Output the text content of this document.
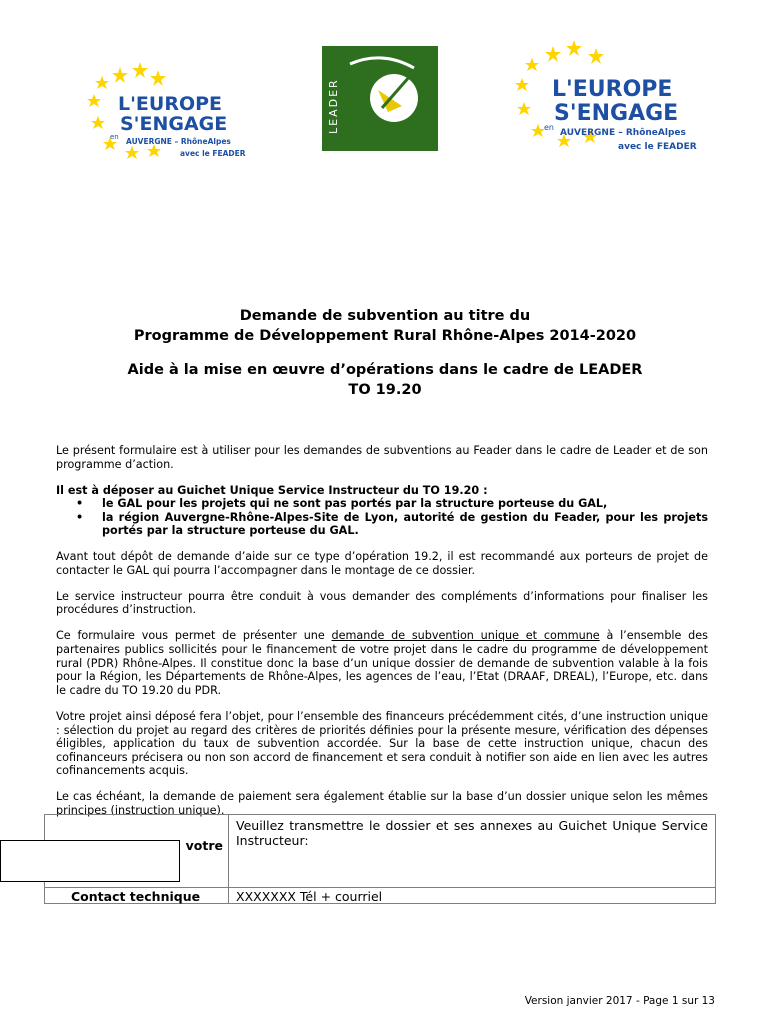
L'EUROPE
S'ENGAGE
en AUVERGNE – RhôneAlpes
avec le FEADER
LEADER	L'EUROPE
S'ENGAGE
en
AUVERGNE – RhôneAlpes
avec le FEADER
Demande de subvention au titre du
Programme de Développement Rural Rhône-Alpes 2014-2020
Aide à la mise en œuvre d’opérations dans le cadre de LEADER
TO 19.20

Le présent formulaire est à utiliser pour les demandes de subventions au Feader dans le cadre de Leader et de son programme d’action.

Il est à déposer au Guichet Unique Service Instructeur du TO 19.20 :

• le GAL pour les projets qui ne sont pas portés par la structure porteuse du GAL,
• la région Auvergne-Rhône-Alpes-Site de Lyon, autorité de gestion du Feader, pour les projets portés par la structure porteuse du GAL.

Avant tout dépôt de demande d’aide sur ce type d’opération 19.2, il est recommandé aux porteurs de projet de contacter le GAL qui pourra l’accompagner dans le montage de ce dossier.

Le service instructeur pourra être conduit à vous demander des compléments d’informations pour finaliser les procédures d’instruction.

Ce formulaire vous permet de présenter une demande de subvention unique et commune à l’ensemble des partenaires publics sollicités pour le financement de votre projet dans le cadre du programme de développement rural (PDR) Rhône-Alpes. Il constitue donc la base d’un unique dossier de demande de subvention valable à la fois pour la Région, les Départements de Rhône-Alpes, les agences de l’eau, l’Etat (DRAAF, DREAL), l’Europe, etc. dans le cadre du TO 19.20 du PDR.

Votre projet ainsi déposé fera l’objet, pour l’ensemble des financeurs précédemment cités, d’une instruction unique : sélection du projet au regard des critères de priorités définies pour la présente mesure, vérification des dépenses éligibles, application du taux de subvention accordée. Sur la base de cette instruction unique, chacun des cofinanceurs précisera ou non son accord de financement et sera conduit à notifier son aide en lien avec les autres cofinancements acquis.

Le cas échéant, la demande de paiement sera également établie sur la base d’un dossier unique selon les mêmes principes (instruction unique).

votre
Veuillez transmettre le dossier et ses annexes au Guichet Unique Service Instructeur:
Contact technique	XXXXXXX Tél + courriel
Version janvier 2017 - Page 1 sur 13
